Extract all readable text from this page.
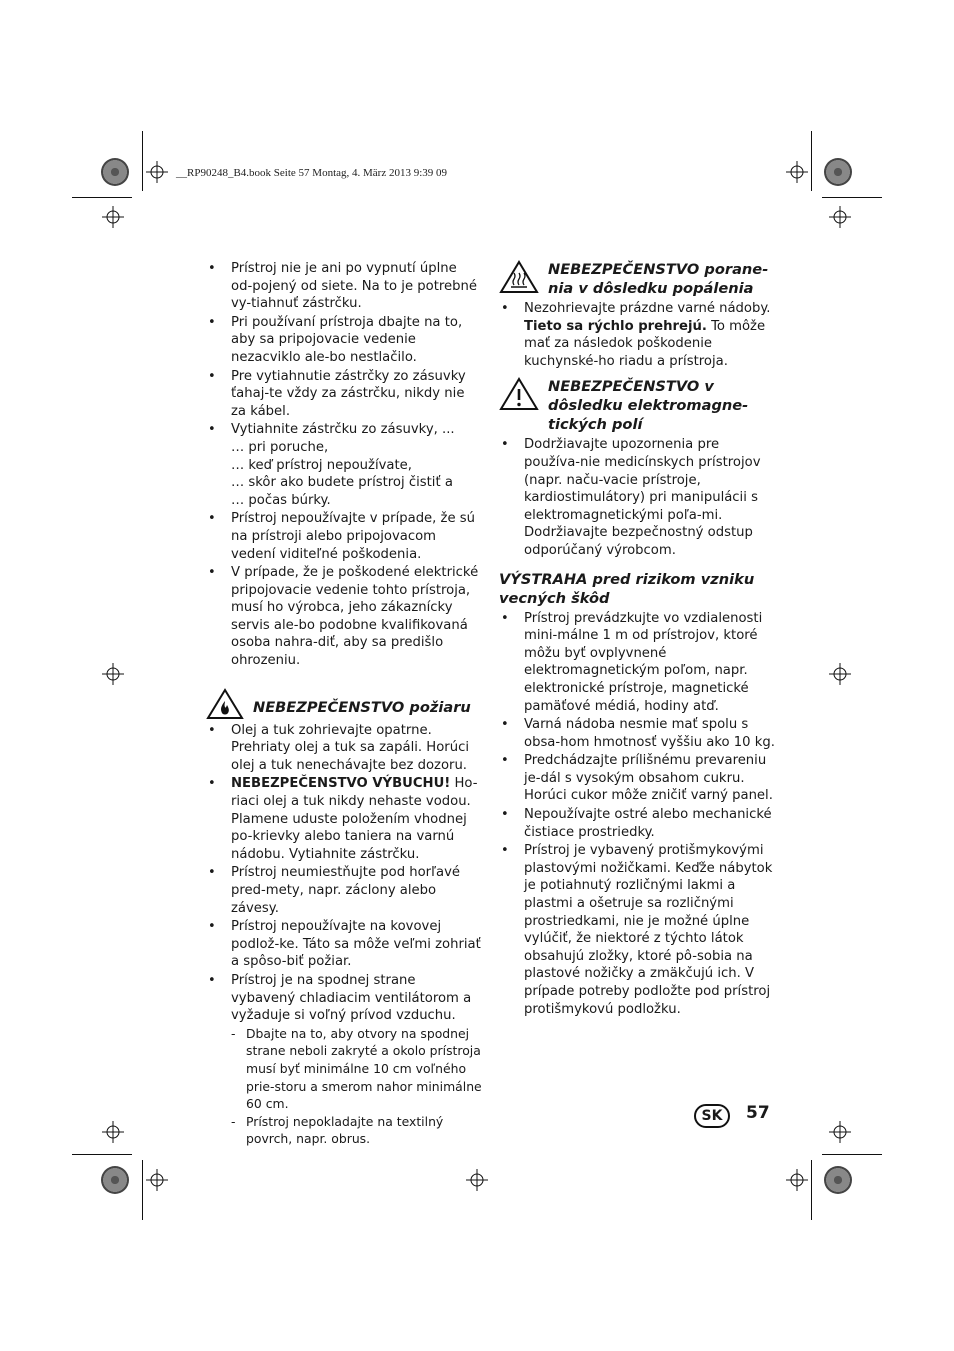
__RP90248_B4.book Seite 57 Montag, 4. März 2013 9:39 09
• Prístroj nie je ani po vypnutí úplne od-pojený od siete. Na to je potrebné vy-tiahnuť zástrčku.
• Pri používaní prístroja dbajte na to, aby sa pripojovacie vedenie nezacviklo ale-bo nestlačilo.
• Pre vytiahnutie zástrčky zo zásuvky ťahaj-te vždy za zástrčku, nikdy nie za kábel.
• Vytiahnite zástrčku zo zásuvky, ...
… pri poruche,
… keď prístroj nepoužívate,
… skôr ako budete prístroj čistiť a
… počas búrky.
• Prístroj nepoužívajte v prípade, že sú na prístroji alebo pripojovacom vedení viditeľné poškodenia.
• V prípade, že je poškodené elektrické pripojovacie vedenie tohto prístroja, musí ho výrobca, jeho zákaznícky servis ale-bo podobne kvalifikovaná osoba nahra-diť, aby sa predišlo ohrozeniu.
NEBEZPEČENSTVO požiaru
• Olej a tuk zohrievajte opatrne. Prehriaty olej a tuk sa zapáli. Horúci olej a tuk nenechávajte bez dozoru.
• NEBEZPEČENSTVO VÝBUCHU! Ho-riaci olej a tuk nikdy nehaste vodou. Plamene uduste položením vhodnej po-krievky alebo taniera na varnú nádobu. Vytiahnite zástrčku.
• Prístroj neumiestňujte pod horľavé pred-mety, napr. záclony alebo závesy.
• Prístroj nepoužívajte na kovovej podlož-ke. Táto sa môže veľmi zohriať a spôso-biť požiar.
• Prístroj je na spodnej strane vybavený chladiacim ventilátorom a vyžaduje si voľný prívod vzduchu.
- Dbajte na to, aby otvory na spodnej strane neboli zakryté a okolo prístroja musí byť minimálne 10 cm voľného prie-storu a smerom nahor minimálne 60 cm.
- Prístroj nepokladajte na textilný povrch, napr. obrus.
NEBEZPEČENSTVO porane-nia v dôsledku popálenia
• Nezohrievajte prázdne varné nádoby. Tieto sa rýchlo prehrejú. To môže mať za následok poškodenie kuchynské-ho riadu a prístroja.
NEBEZPEČENSTVO v dôsledku elektromagne-tických polí
• Dodržiavajte upozornenia pre používa-nie medicínskych prístrojov (napr. naču-vacie prístroje, kardiostimulátory) pri manipulácii s elektromagnetickými poľa-mi. Dodržiavajte bezpečnostný odstup odporúčaný výrobcom.
VÝSTRAHA pred rizikom vzniku vecných škôd
• Prístroj prevádzkujte vo vzdialenosti mini-málne 1 m od prístrojov, ktoré môžu byť ovplyvnené elektromagnetickým poľom, napr. elektronické prístroje, magnetické pamäťové médiá, hodiny atď.
• Varná nádoba nesmie mať spolu s obsa-hom hmotnosť vyššiu ako 10 kg.
• Predchádzajte prílišnému prevareniu je-dál s vysokým obsahom cukru. Horúci cukor môže zničiť varný panel.
• Nepoužívajte ostré alebo mechanické čistiace prostriedky.
• Prístroj je vybavený protišmykovými plastovými nožičkami. Keďže nábytok je potiahnutý rozličnými lakmi a plastmi a ošetruje sa rozličnými prostriedkami, nie je možné úplne vylúčiť, že niektoré z týchto látok obsahujú zložky, ktoré pô-sobia na plastové nožičky a zmäkčujú ich. V prípade potreby podložte pod prístroj protišmykovú podložku.
SK	57
